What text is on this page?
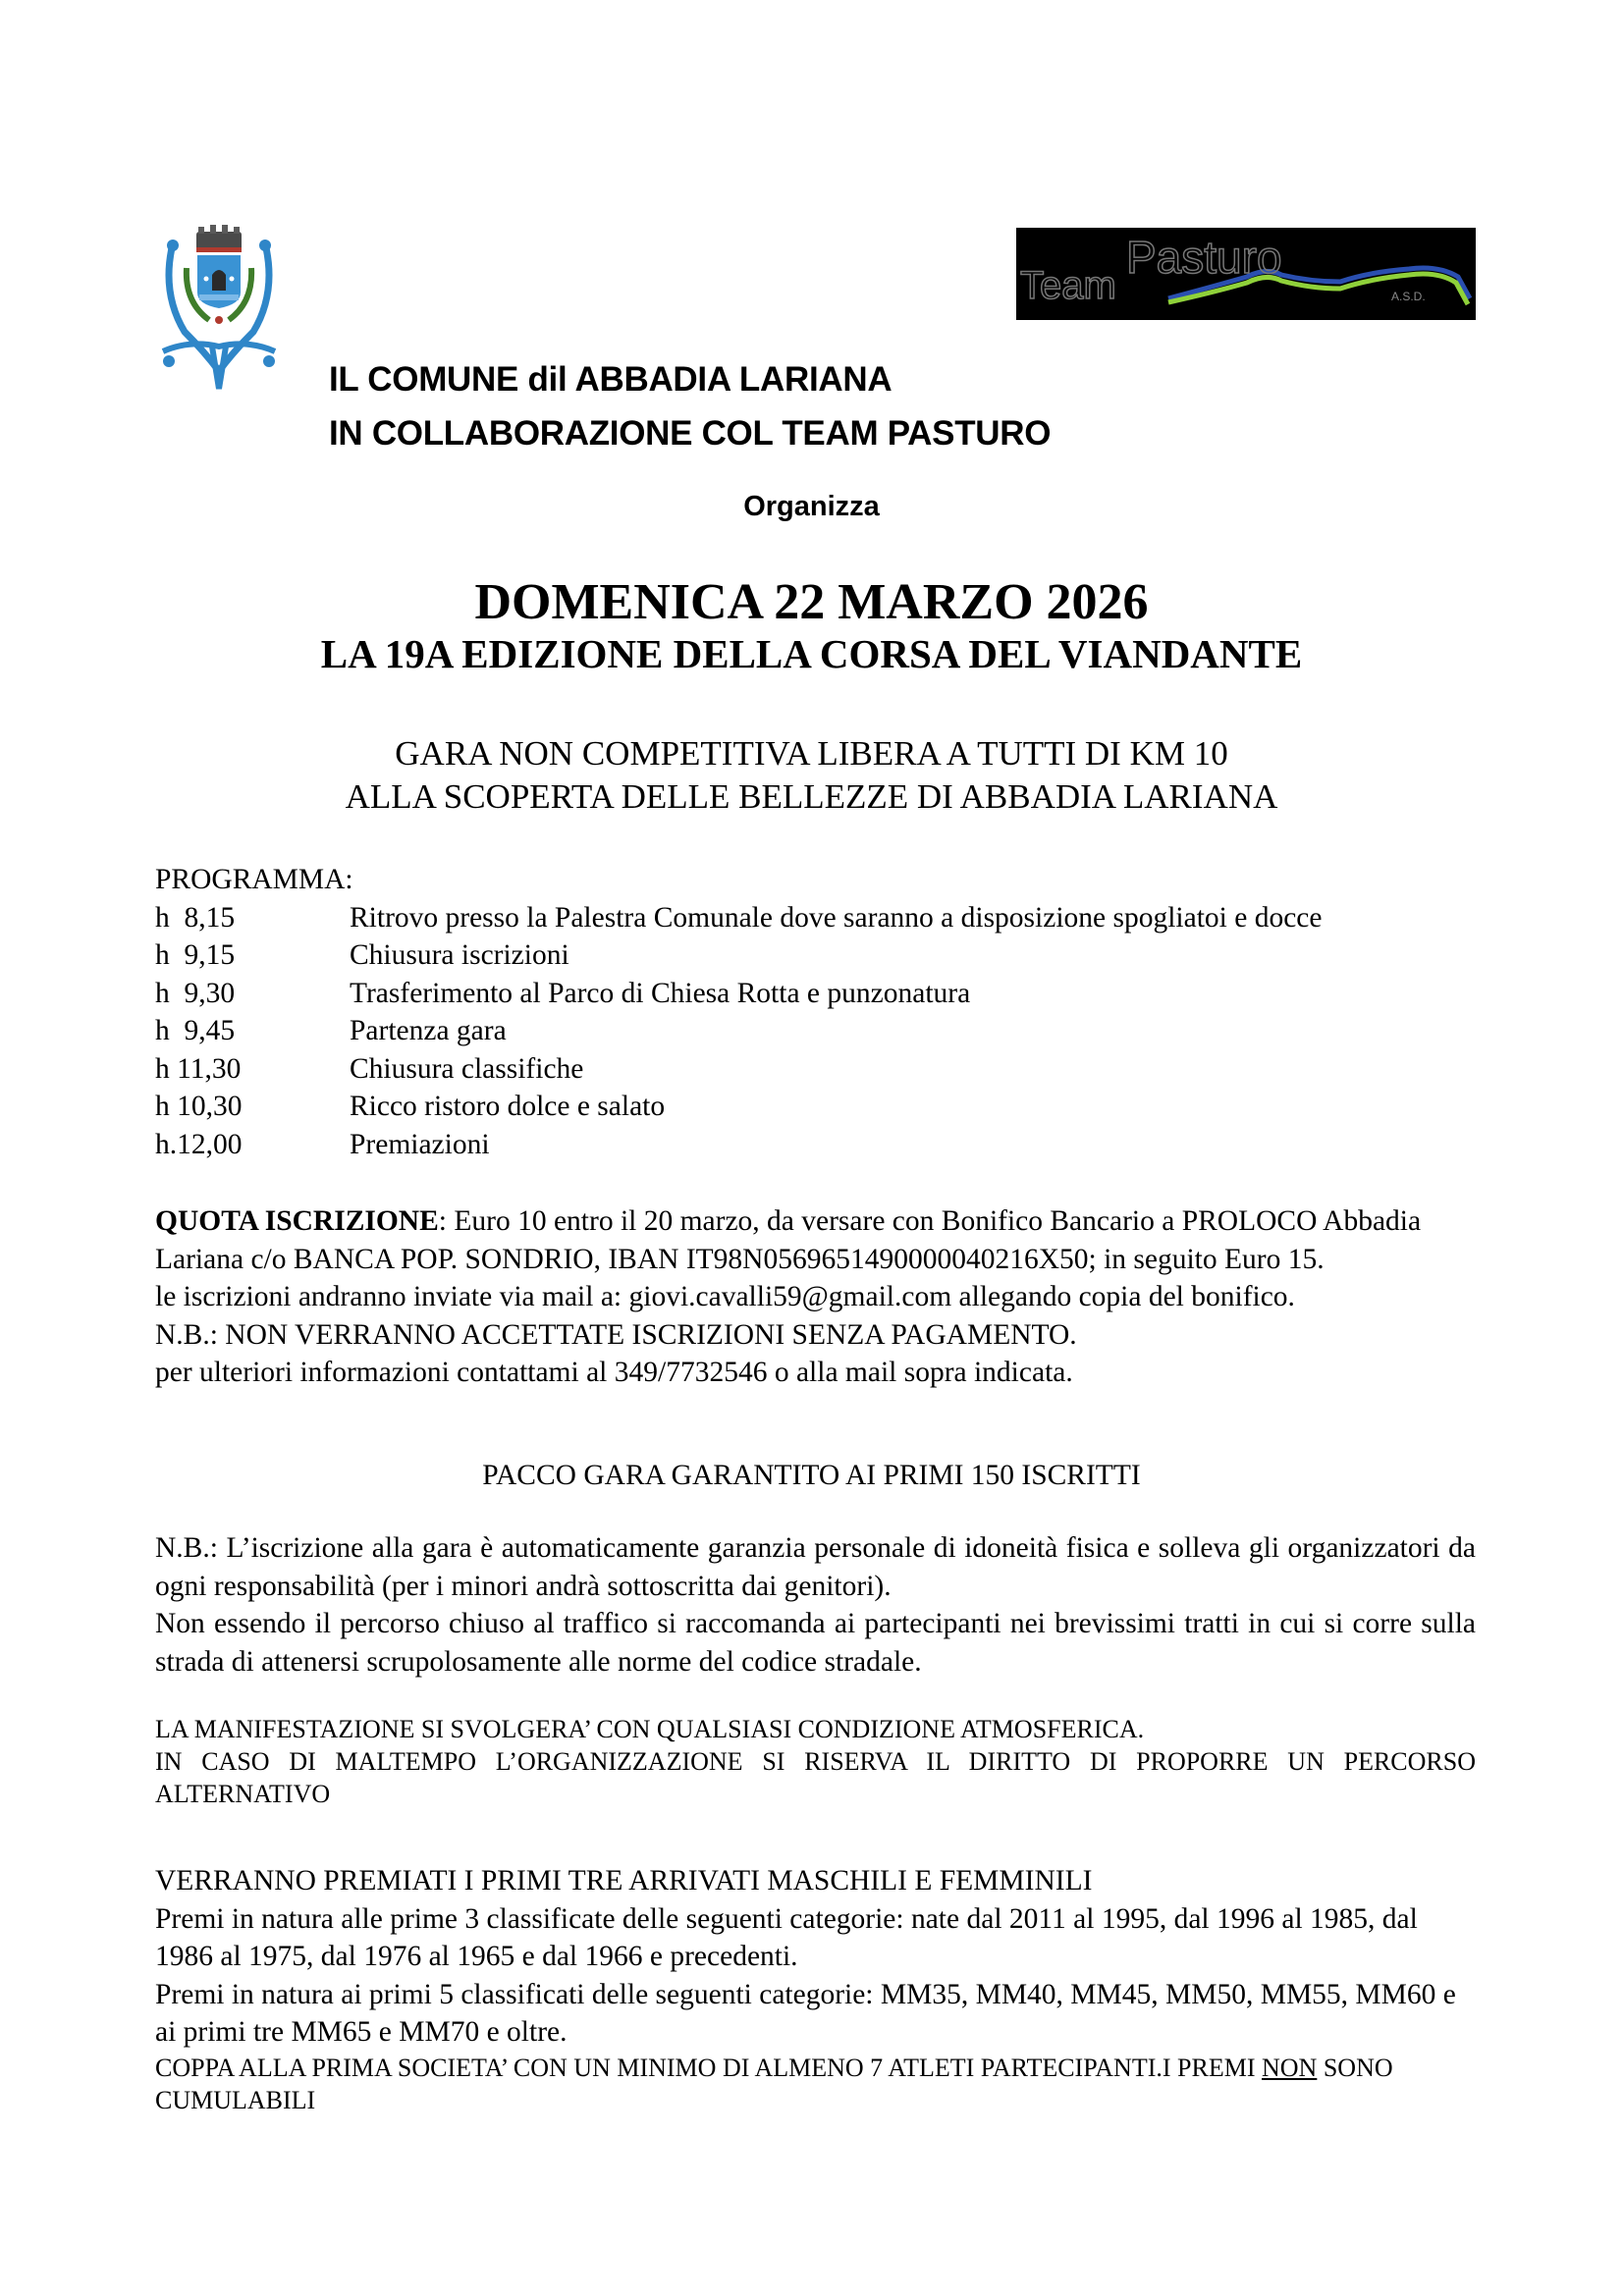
Team
Pasturo
A.S.D.
IL COMUNE dil ABBADIA LARIANA
IN COLLABORAZIONE COL TEAM PASTURO
Organizza
DOMENICA 22 MARZO 2026
LA 19A EDIZIONE DELLA CORSA DEL VIANDANTE
GARA NON COMPETITIVA LIBERA A TUTTI DI KM 10
ALLA SCOPERTA DELLE BELLEZZE DI ABBADIA LARIANA
PROGRAMMA:
h  8,15	Ritrovo presso la Palestra Comunale dove saranno a disposizione spogliatoi e docce
h  9,15	Chiusura iscrizioni
h  9,30	Trasferimento al Parco di Chiesa Rotta e punzonatura
h  9,45	Partenza gara
h 11,30	Chiusura classifiche
h 10,30	Ricco ristoro dolce e salato
h.12,00	Premiazioni

QUOTA ISCRIZIONE: Euro 10 entro il 20 marzo, da versare con Bonifico Bancario a PROLOCO Abbadia Lariana c/o BANCA POP. SONDRIO, IBAN IT98N0569651490000040216X50; in seguito Euro 15.

le iscrizioni andranno inviate via mail a: giovi.cavalli59@gmail.com allegando copia del bonifico.

N.B.: NON VERRANNO ACCETTATE ISCRIZIONI SENZA PAGAMENTO.

per ulteriori informazioni contattami al 349/7732546 o alla mail sopra indicata.

PACCO GARA GARANTITO AI PRIMI 150 ISCRITTI

N.B.: L’iscrizione alla gara è automaticamente garanzia personale di idoneità fisica e solleva gli organizzatori da ogni responsabilità (per i minori andrà sottoscritta dai genitori).

Non essendo il percorso chiuso al traffico si raccomanda ai partecipanti nei brevissimi tratti in cui si corre sulla strada di attenersi scrupolosamente alle norme del codice stradale.

LA MANIFESTAZIONE SI SVOLGERA’ CON QUALSIASI CONDIZIONE ATMOSFERICA.

IN CASO DI MALTEMPO L’ORGANIZZAZIONE SI RISERVA IL DIRITTO DI PROPORRE UN PERCORSO ALTERNATIVO

VERRANNO PREMIATI I PRIMI TRE ARRIVATI MASCHILI E FEMMINILI

Premi in natura alle prime 3 classificate delle seguenti categorie: nate dal 2011 al 1995, dal 1996 al 1985, dal 1986 al 1975, dal 1976 al 1965 e dal 1966 e precedenti.

Premi in natura ai primi 5 classificati delle seguenti categorie: MM35, MM40, MM45, MM50, MM55, MM60 e ai primi tre MM65 e MM70 e oltre.

COPPA ALLA PRIMA SOCIETA’ CON UN MINIMO DI ALMENO 7 ATLETI PARTECIPANTI.I PREMI NON SONO CUMULABILI
